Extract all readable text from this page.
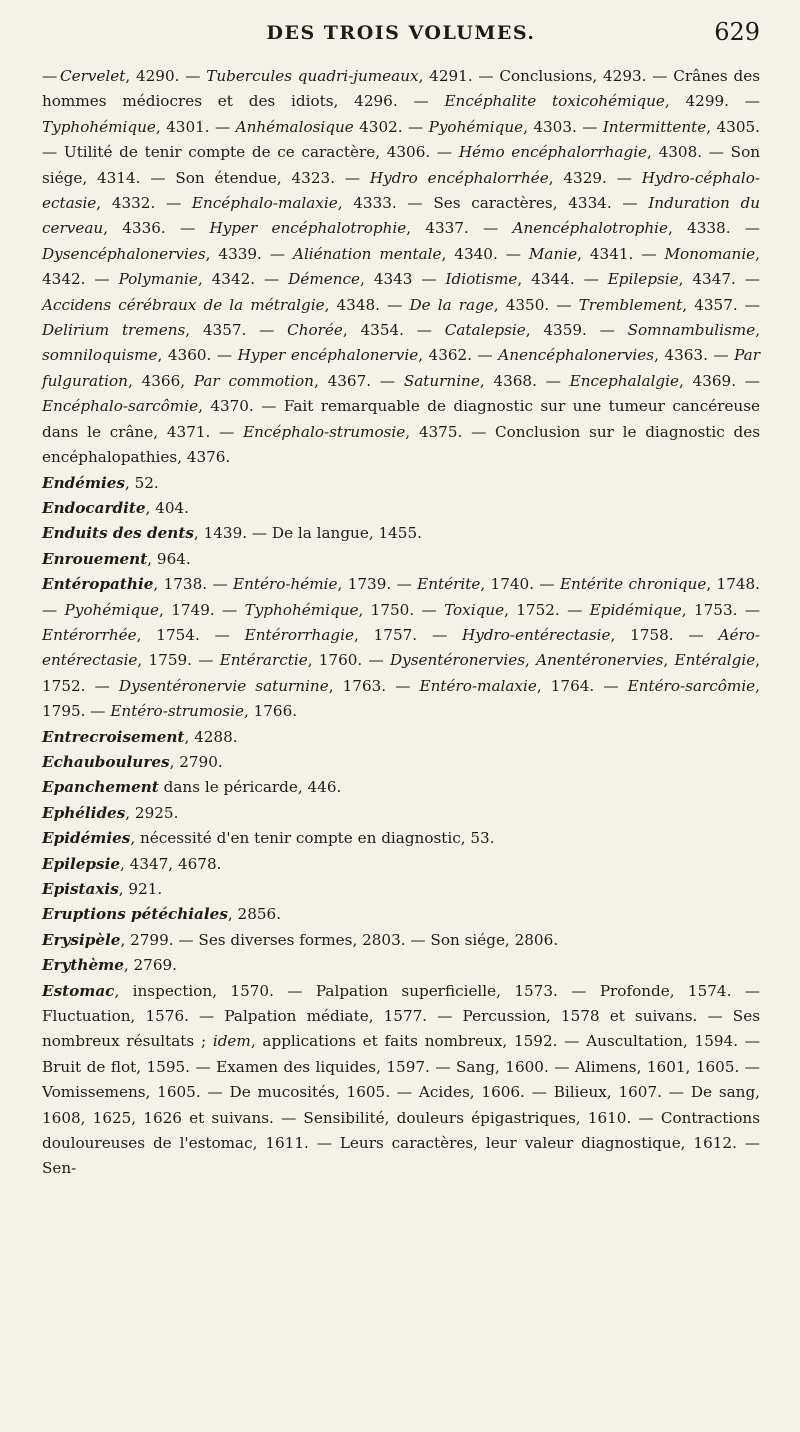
DES TROIS VOLUMES.	629

— Cervelet, 4290. — Tubercules quadri-jumeaux, 4291. — Conclusions, 4293. — Crânes des hommes médiocres et des idiots, 4296. — Encéphalite toxicohémique, 4299. — Typhohémique, 4301. — Anhémalosique 4302. — Pyohémique, 4303. — Intermittente, 4305. — Utilité de tenir compte de ce caractère, 4306. — Hémo encéphalorrhagie, 4308. — Son siége, 4314. — Son étendue, 4323. — Hydro encéphalorrhée, 4329. — Hydro-céphalo-ectasie, 4332. — Encéphalo-malaxie, 4333. — Ses caractères, 4334. — Induration du cerveau, 4336. — Hyper encéphalotrophie, 4337. — Anencéphalotrophie, 4338. — Dysencéphalonervies, 4339. — Aliénation mentale, 4340. — Manie, 4341. — Monomanie, 4342. — Polymanie, 4342. — Démence, 4343 — Idiotisme, 4344. — Epilepsie, 4347. — Accidens cérébraux de la métralgie, 4348. — De la rage, 4350. — Tremblement, 4357. — Delirium tremens, 4357. — Chorée, 4354. — Catalepsie, 4359. — Somnambulisme, somniloquisme, 4360. — Hyper encéphalonervie, 4362. — Anencéphalonervies, 4363. — Par fulguration, 4366, Par commotion, 4367. — Saturnine, 4368. — Encephalalgie, 4369. — Encéphalo-sarcômie, 4370. — Fait remarquable de diagnostic sur une tumeur cancéreuse dans le crâne, 4371. — Encéphalo-strumosie, 4375. — Conclusion sur le diagnostic des encéphalopathies, 4376.

Endémies, 52.

Endocardite, 404.

Enduits des dents, 1439. — De la langue, 1455.

Enrouement, 964.

Entéropathie, 1738. — Entéro-hémie, 1739. — Entérite, 1740. — Entérite chronique, 1748. — Pyohémique, 1749. — Typhohémique, 1750. — Toxique, 1752. — Epidémique, 1753. — Entérorrhée, 1754. — Entérorrhagie, 1757. — Hydro-entérectasie, 1758. — Aéro-entérectasie, 1759. — Entérarctie, 1760. — Dysentéronervies, Anentéronervies, Entéralgie, 1752. — Dysentéronervie saturnine, 1763. — Entéro-malaxie, 1764. — Entéro-sarcômie, 1795. — Entéro-strumosie, 1766.

Entrecroisement, 4288.

Echauboulures, 2790.

Epanchement dans le péricarde, 446.

Ephélides, 2925.

Epidémies, nécessité d'en tenir compte en diagnostic, 53.

Epilepsie, 4347, 4678.

Epistaxis, 921.

Eruptions pétéchiales, 2856.

Erysipèle, 2799. — Ses diverses formes, 2803. — Son siége, 2806.

Erythème, 2769.

Estomac, inspection, 1570. — Palpation superficielle, 1573. — Profonde, 1574. — Fluctuation, 1576. — Palpation médiate, 1577. — Percussion, 1578 et suivans. — Ses nombreux résultats ; idem, applications et faits nombreux, 1592. — Auscultation, 1594. — Bruit de flot, 1595. — Examen des liquides, 1597. — Sang, 1600. — Alimens, 1601, 1605. — Vomissemens, 1605. — De mucosités, 1605. — Acides, 1606. — Bilieux, 1607. — De sang, 1608, 1625, 1626 et suivans. — Sensibilité, douleurs épigastriques, 1610. — Contractions douloureuses de l'estomac, 1611. — Leurs caractères, leur valeur diagnostique, 1612. — Sen-
